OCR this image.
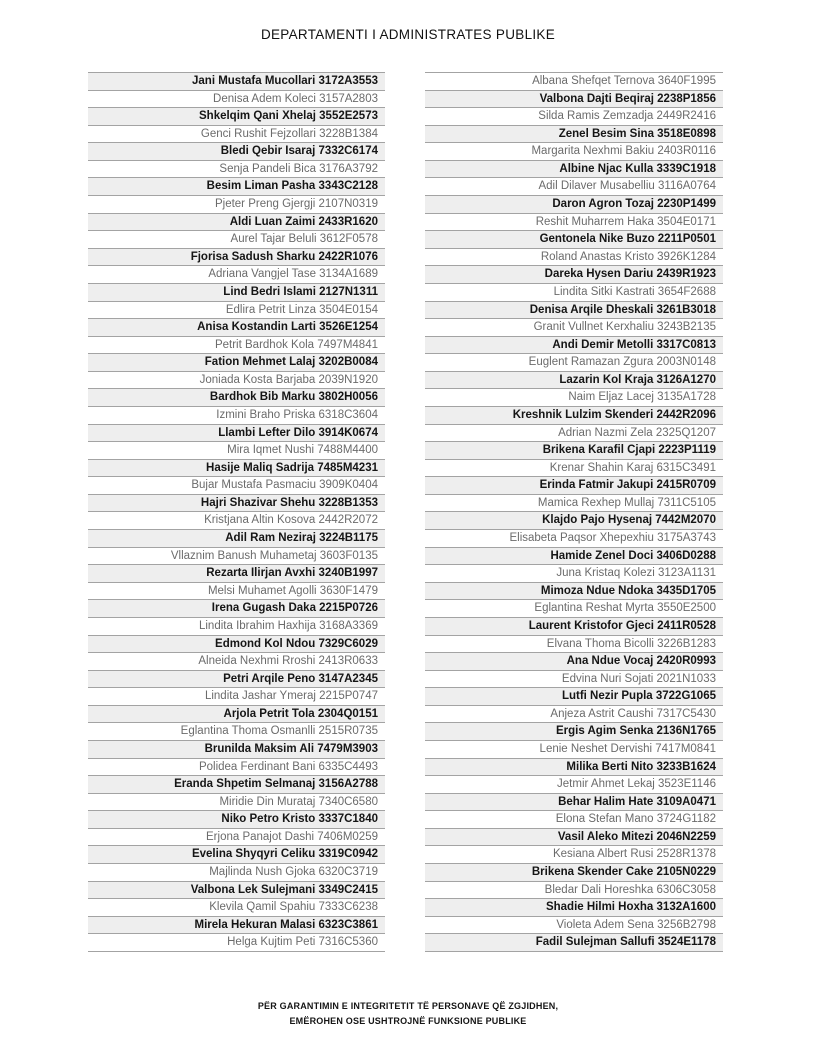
DEPARTAMENTI I ADMINISTRATES PUBLIKE
Jani Mustafa Mucollari 3172A3553
Denisa Adem Koleci 3157A2803
Shkelqim Qani Xhelaj 3552E2573
Genci Rushit Fejzollari 3228B1384
Bledi Qebir Isaraj 7332C6174
Senja Pandeli Bica 3176A3792
Besim Liman Pasha 3343C2128
Pjeter Preng Gjergji 2107N0319
Aldi Luan Zaimi 2433R1620
Aurel Tajar Beluli 3612F0578
Fjorisa Sadush Sharku 2422R1076
Adriana Vangjel Tase 3134A1689
Lind Bedri Islami 2127N1311
Edlira Petrit Linza 3504E0154
Anisa Kostandin Larti 3526E1254
Petrit Bardhok Kola 7497M4841
Fation Mehmet Lalaj 3202B0084
Joniada Kosta Barjaba 2039N1920
Bardhok Bib Marku 3802H0056
Izmini Braho Priska 6318C3604
Llambi Lefter Dilo 3914K0674
Mira Iqmet Nushi 7488M4400
Hasije Maliq Sadrija 7485M4231
Bujar Mustafa Pasmaciu 3909K0404
Hajri Shazivar Shehu 3228B1353
Kristjana Altin Kosova 2442R2072
Adil Ram Neziraj 3224B1175
Vllaznim Banush Muhametaj 3603F0135
Rezarta Ilirjan Avxhi 3240B1997
Melsi Muhamet Agolli 3630F1479
Irena Gugash Daka 2215P0726
Lindita Ibrahim Haxhija 3168A3369
Edmond Kol Ndou 7329C6029
Alneida Nexhmi Rroshi 2413R0633
Petri Arqile Peno 3147A2345
Lindita Jashar Ymeraj 2215P0747
Arjola Petrit Tola 2304Q0151
Eglantina Thoma Osmanlli 2515R0735
Brunilda Maksim Ali 7479M3903
Polidea Ferdinant Bani 6335C4493
Eranda Shpetim Selmanaj 3156A2788
Miridie Din Murataj 7340C6580
Niko Petro Kristo 3337C1840
Erjona Panajot Dashi 7406M0259
Evelina Shyqyri Celiku 3319C0942
Majlinda Nush Gjoka 6320C3719
Valbona Lek Sulejmani 3349C2415
Klevila Qamil Spahiu 7333C6238
Mirela Hekuran Malasi 6323C3861
Helga Kujtim Peti 7316C5360
Albana Shefqet Ternova 3640F1995
Valbona Dajti Beqiraj 2238P1856
Silda Ramis Zemzadja 2449R2416
Zenel Besim Sina 3518E0898
Margarita Nexhmi Bakiu 2403R0116
Albine Njac Kulla 3339C1918
Adil Dilaver Musabelliu 3116A0764
Daron Agron Tozaj 2230P1499
Reshit Muharrem Haka 3504E0171
Gentonela Nike Buzo 2211P0501
Roland Anastas Kristo 3926K1284
Dareka Hysen Dariu 2439R1923
Lindita Sitki Kastrati 3654F2688
Denisa Arqile Dheskali 3261B3018
Granit Vullnet Kerxhaliu 3243B2135
Andi Demir Metolli 3317C0813
Euglent Ramazan Zgura 2003N0148
Lazarin Kol Kraja 3126A1270
Naim Eljaz Lacej 3135A1728
Kreshnik Lulzim Skenderi 2442R2096
Adrian Nazmi Zela 2325Q1207
Brikena Karafil Cjapi 2223P1119
Krenar Shahin Karaj 6315C3491
Erinda Fatmir Jakupi 2415R0709
Mamica Rexhep Mullaj 7311C5105
Klajdo Pajo Hysenaj 7442M2070
Elisabeta Paqsor Xhepexhiu 3175A3743
Hamide Zenel Doci 3406D0288
Juna Kristaq Kolezi 3123A1131
Mimoza Ndue Ndoka 3435D1705
Eglantina Reshat Myrta 3550E2500
Laurent Kristofor Gjeci 2411R0528
Elvana Thoma Bicolli 3226B1283
Ana Ndue Vocaj 2420R0993
Edvina Nuri Sojati 2021N1033
Lutfi Nezir Pupla 3722G1065
Anjeza Astrit Caushi 7317C5430
Ergis Agim Senka 2136N1765
Lenie Neshet Dervishi 7417M0841
Milika Berti Nito 3233B1624
Jetmir Ahmet Lekaj 3523E1146
Behar Halim Hate 3109A0471
Elona Stefan Mano 3724G1182
Vasil Aleko Mitezi 2046N2259
Kesiana Albert Rusi 2528R1378
Brikena Skender Cake 2105N0229
Bledar Dali Horeshka 6306C3058
Shadie Hilmi Hoxha 3132A1600
Violeta Adem Sena 3256B2798
Fadil Sulejman Sallufi 3524E1178
PËR GARANTIMIN E INTEGRITETIT TË PERSONAVE QË ZGJIDHEN,
EMËROHEN OSE USHTROJNË FUNKSIONE PUBLIKE
